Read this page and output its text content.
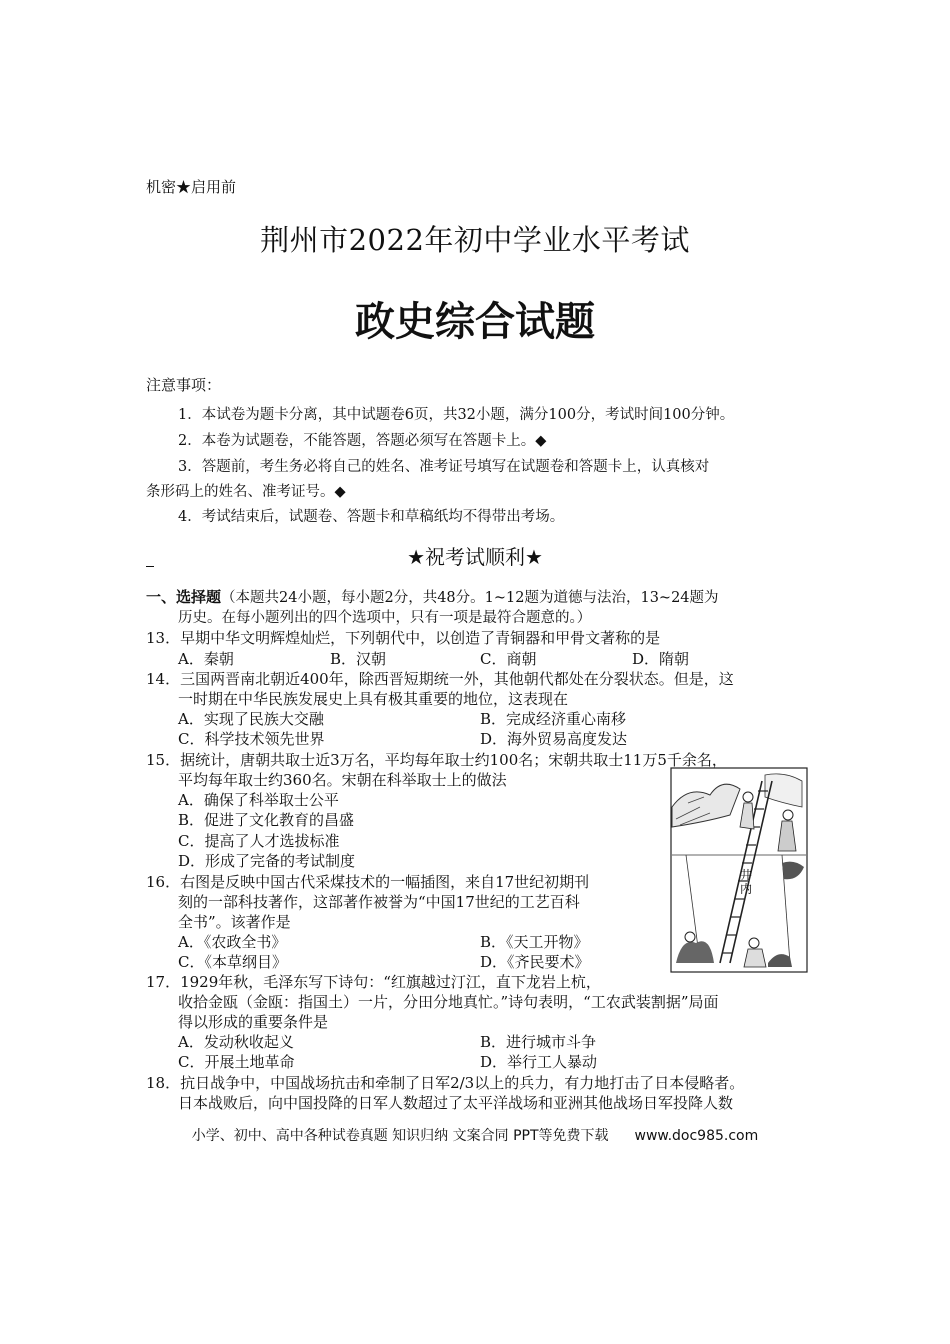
机密★启用前
荆州市2022年初中学业水平考试
政史综合试题
注意事项：
1．本试卷为题卡分离，其中试题卷6页，共32小题，满分100分，考试时间100分钟。
2．本卷为试题卷，不能答题，答题必须写在答题卡上。◆
3．答题前，考生务必将自己的姓名、准考证号填写在试题卷和答题卡上，认真核对
条形码上的姓名、准考证号。◆
4．考试结束后，试题卷、答题卡和草稿纸均不得带出考场。
★祝考试顺利★
一、选择题（本题共24小题，每小题2分，共48分。1~12题为道德与法治，13~24题为
历史。在每小题列出的四个选项中，只有一项是最符合题意的。）
13．早期中华文明辉煌灿烂，下列朝代中，以创造了青铜器和甲骨文著称的是
A．秦朝	B．汉朝	C．商朝	D．隋朝
14．三国两晋南北朝近400年，除西晋短期统一外，其他朝代都处在分裂状态。但是，这
一时期在中华民族发展史上具有极其重要的地位，这表现在
A．实现了民族大交融	B．完成经济重心南移
C．科学技术领先世界	D．海外贸易高度发达
15．据统计，唐朝共取士近3万名，平均每年取士约100名；宋朝共取士11万5千余名，
平均每年取士约360名。宋朝在科举取士上的做法
A．确保了科举取士公平
B．促进了文化教育的昌盛
C．提高了人才选拔标准
D．形成了完备的考试制度
16．右图是反映中国古代采煤技术的一幅插图，来自17世纪初期刊
刻的一部科技著作，这部著作被誉为“中国17世纪的工艺百科
全书”。该著作是
A．《农政全书》	B．《天工开物》
C．《本草纲目》	D．《齐民要术》
17．1929年秋，毛泽东写下诗句：“红旗越过汀江，直下龙岩上杭，
收拾金瓯（金瓯：指国土）一片，分田分地真忙。”诗句表明，“工农武装割据”局面
得以形成的重要条件是
A．发动秋收起义	B．进行城市斗争
C．开展土地革命	D．举行工人暴动
18．抗日战争中，中国战场抗击和牵制了日军2/3以上的兵力，有力地打击了日本侵略者。
日本战败后，向中国投降的日军人数超过了太平洋战场和亚洲其他战场日军投降人数
井
内
小学、初中、高中各种试卷真题 知识归纳 文案合同 PPT等免费下载 www.doc985.com
